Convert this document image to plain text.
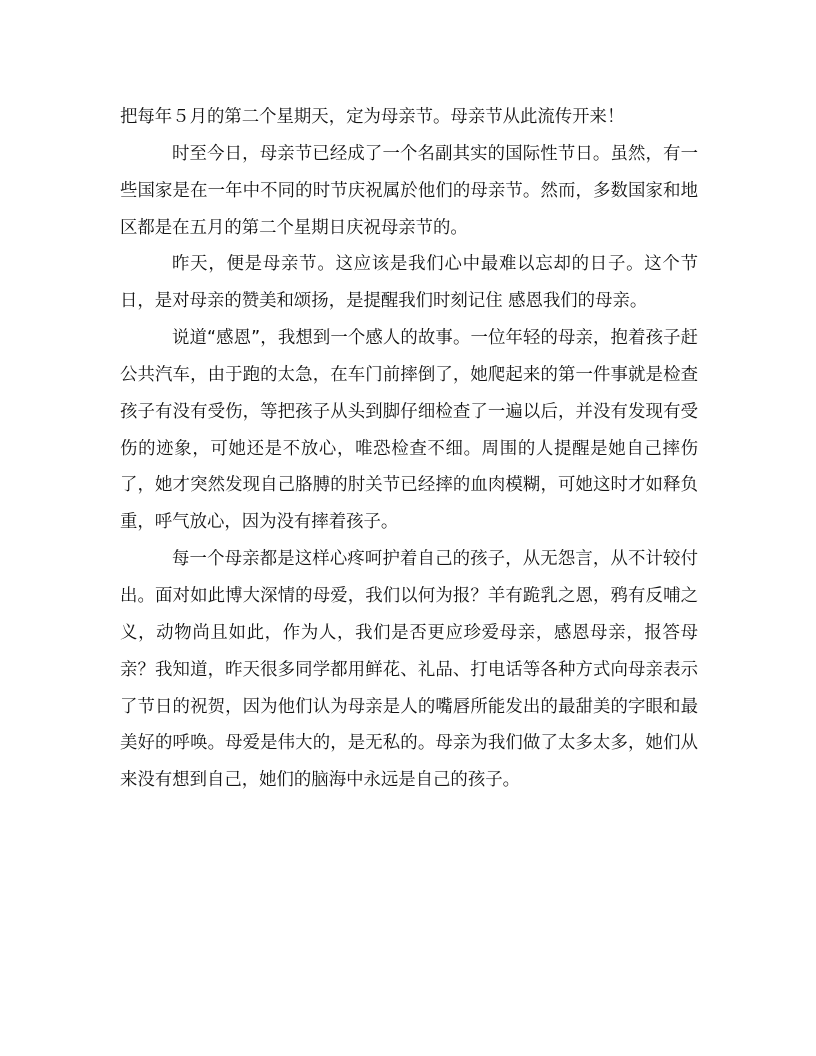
把每年５月的第二个星期天，定为母亲节。母亲节从此流传开来！

时至今日，母亲节已经成了一个名副其实的国际性节日。虽然，有一些国家是在一年中不同的时节庆祝属於他们的母亲节。然而，多数国家和地区都是在五月的第二个星期日庆祝母亲节的。

昨天，便是母亲节。这应该是我们心中最难以忘却的日子。这个节日，是对母亲的赞美和颂扬，是提醒我们时刻记住 感恩我们的母亲。

说道“感恩”，我想到一个感人的故事。一位年轻的母亲，抱着孩子赶公共汽车，由于跑的太急，在车门前摔倒了，她爬起来的第一件事就是检查孩子有没有受伤，等把孩子从头到脚仔细检查了一遍以后，并没有发现有受伤的迹象，可她还是不放心，唯恐检查不细。周围的人提醒是她自己摔伤了，她才突然发现自己胳膊的肘关节已经摔的血肉模糊，可她这时才如释负重，呼气放心，因为没有摔着孩子。

每一个母亲都是这样心疼呵护着自己的孩子，从无怨言，从不计较付出。面对如此博大深情的母爱，我们以何为报？羊有跪乳之恩，鸦有反哺之义，动物尚且如此，作为人，我们是否更应珍爱母亲，感恩母亲，报答母亲？我知道，昨天很多同学都用鲜花、礼品、打电话等各种方式向母亲表示了节日的祝贺，因为他们认为母亲是人的嘴唇所能发出的最甜美的字眼和最美好的呼唤。母爱是伟大的，是无私的。母亲为我们做了太多太多，她们从来没有想到自己，她们的脑海中永远是自己的孩子。
